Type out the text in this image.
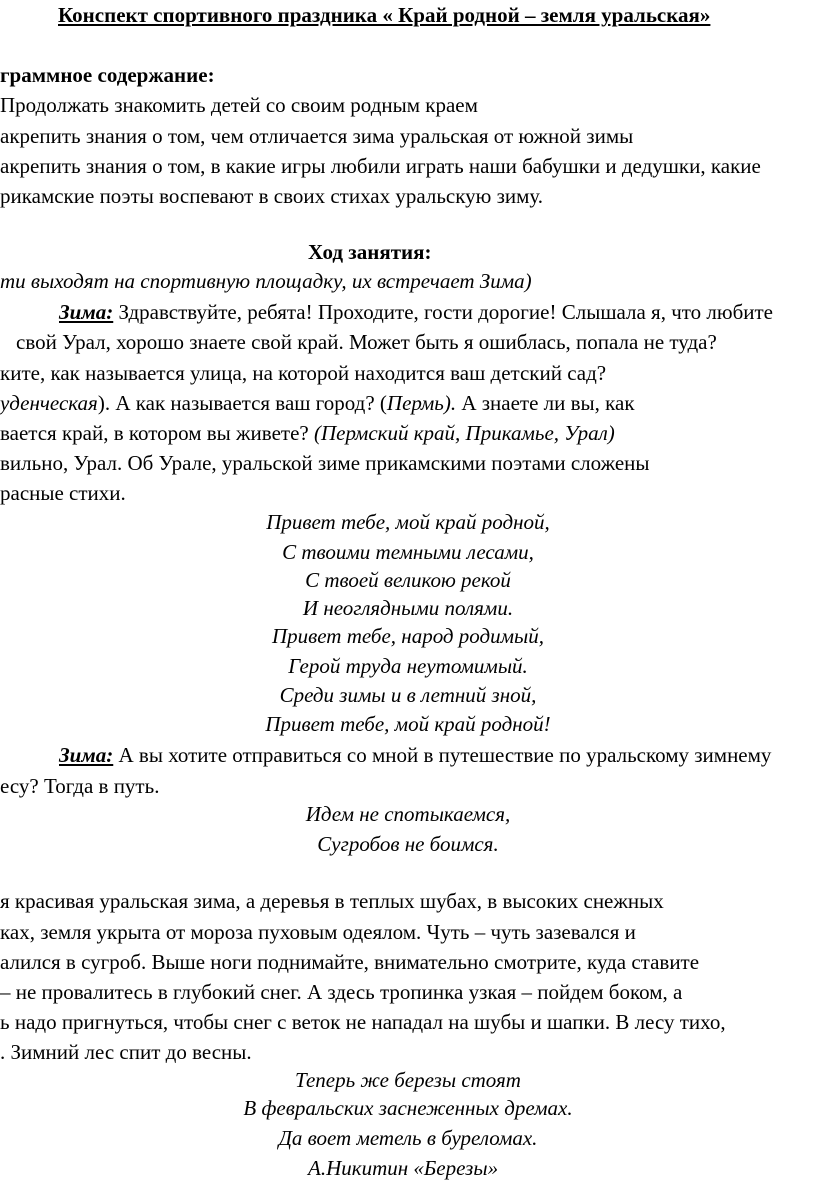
Конспект спортивного праздника « Край родной – земля уральская»
граммное содержание:
Продолжать знакомить детей со своим родным краем
акрепить знания о том, чем отличается зима уральская от южной зимы
акрепить знания о том, в какие игры любили играть наши бабушки и дедушки, какие
рикамские поэты воспевают в своих стихах уральскую зиму.
Ход занятия:
ти выходят на спортивную площадку, их встречает Зима)
Зима: Здравствуйте, ребята! Проходите, гости дорогие! Слышала я, что любите
свой Урал, хорошо знаете свой край. Может быть я ошиблась, попала не туда?
ките, как называется улица, на которой находится ваш детский сад?
уденческая). А как называется ваш город? (Пермь). А знаете ли вы, как
вается край, в котором вы живете? (Пермский край, Прикамье, Урал)
вильно, Урал. Об Урале, уральской зиме прикамскими поэтами сложены
расные стихи.
Привет тебе, мой край родной,
С твоими темными лесами,
С твоей великою рекой
И неоглядными полями.
Привет тебе, народ родимый,
Герой труда неутомимый.
Среди зимы и в летний зной,
Привет тебе, мой край родной!
Зима: А вы хотите отправиться со мной в путешествие по уральскому зимнему
есу? Тогда в путь.
Идем не спотыкаемся,
Сугробов не боимся.
я красивая уральская зима, а деревья в теплых шубах, в высоких снежных
ках, земля укрыта от мороза пуховым одеялом. Чуть – чуть зазевался и
алился в сугроб. Выше ноги поднимайте, внимательно смотрите, куда ставите
– не провалитесь в глубокий снег. А здесь тропинка узкая – пойдем боком, а
ь надо пригнуться, чтобы снег с веток не нападал на шубы и шапки. В лесу тихо,
. Зимний лес спит до весны.
Теперь же березы стоят
В февральских заснеженных дремах.
Да воет метель в буреломах.
А.Никитин «Березы»
